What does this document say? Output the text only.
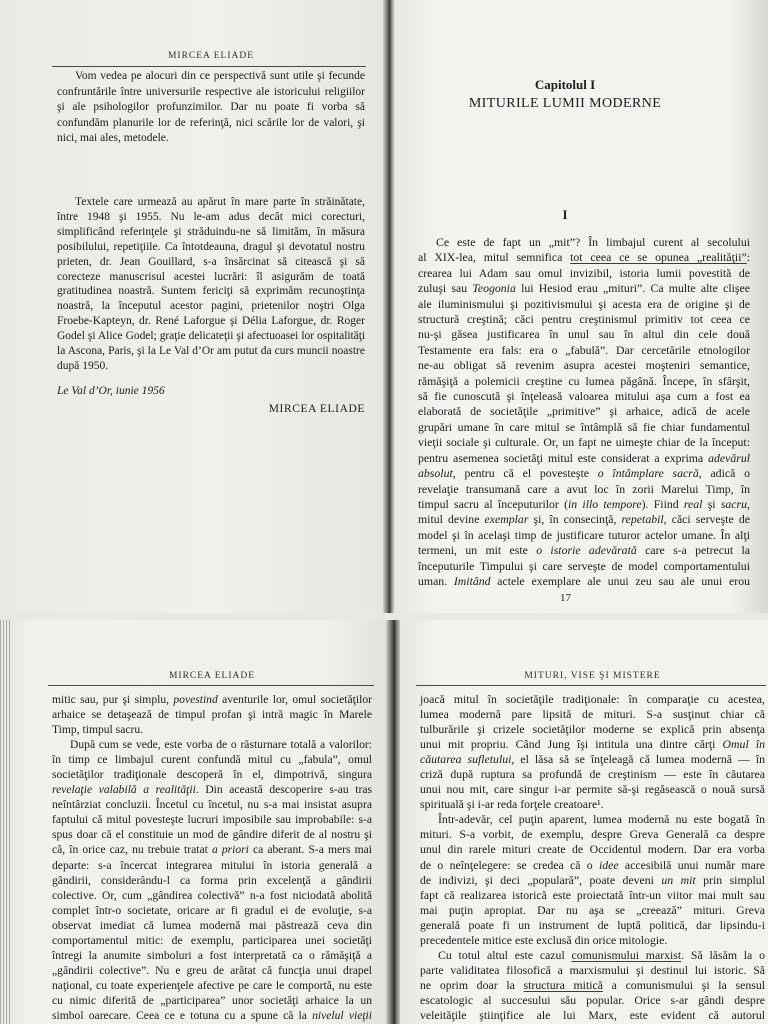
MIRCEA ELIADE
Vom vedea pe alocuri din ce perspectivă sunt utile şi fecunde
confruntările între universurile respective ale istoricului religiilor
şi ale psihologilor profunzimilor. Dar nu poate fi vorba să
confundăm planurile lor de referinţă, nici scările lor de valori, şi
nici, mai ales, metodele.
Textele care urmează au apărut în mare parte în străinătate,
între 1948 şi 1955. Nu le-am adus decât mici corecturi,
simplificând referinţele şi străduindu-ne să limităm, în măsura
posibilului, repetiţiile. Ca întotdeauna, dragul şi devotatul nostru
prieten, dr. Jean Gouillard, s-a însărcinat să citească şi să
corecteze manuscrisul acestei lucrări: îl asigurăm de toată
gratitudinea noastră. Suntem fericiţi să exprimăm recunoştinţa
noastră, la începutul acestor pagini, prietenilor noştri Olga
Froebe-Kapteyn, dr. René Laforgue şi Délia Laforgue, dr. Roger
Godel şi Alice Godel; graţie delicateţii şi afectuoasei lor ospitalităţi
la Ascona, Paris, şi la Le Val d’Or am putut da curs muncii noastre
după 1950.
Le Val d’Or, iunie 1956
MIRCEA ELIADE
Capitolul I
MITURILE LUMII MODERNE
I
Ce este de fapt un „mit”? În limbajul curent al secolului
al XIX-lea, mitul semnifica tot ceea ce se opunea „realităţii”:
crearea lui Adam sau omul invizibil, istoria lumii povestită de
zuluşi sau Teogonia lui Hesiod erau „mituri”. Ca multe alte clişee
ale iluminismului şi pozitivismului şi acesta era de origine şi de
structură creştină; căci pentru creştinismul primitiv tot ceea ce
nu-şi găsea justificarea în unul sau în altul din cele două
Testamente era fals: era o „fabulă”. Dar cercetările etnologilor
ne-au obligat să revenim asupra acestei moşteniri semantice,
rămăşiţă a polemicii creştine cu lumea păgână. Începe, în sfârşit,
să fie cunoscută şi înţeleasă valoarea mitului aşa cum a fost ea
elaborată de societăţile „primitive” şi arhaice, adică de acele
grupări umane în care mitul se întâmplă să fie chiar fundamentul
vieţii sociale şi culturale. Or, un fapt ne uimeşte chiar de la început:
pentru asemenea societăţi mitul este considerat a exprima adevărul
absolut, pentru că el povesteşte o întâmplare sacră, adică o
revelaţie transumană care a avut loc în zorii Marelui Timp, în
timpul sacru al începuturilor (in illo tempore). Fiind real şi sacru,
mitul devine exemplar şi, în consecinţă, repetabil, căci serveşte de
model şi în acelaşi timp de justificare tuturor actelor umane. În alţi
termeni, un mit este o istorie adevărată care s-a petrecut la
începuturile Timpului şi care serveşte de model comportamentului
uman. Imitând actele exemplare ale unui zeu sau ale unui erou
17
MIRCEA ELIADE
mitic sau, pur şi simplu, povestind aventurile lor, omul societăţilor
arhaice se detaşează de timpul profan şi intră magic în Marele
Timp, timpul sacru.
După cum se vede, este vorba de o răsturnare totală a valorilor:
în timp ce limbajul curent confundă mitul cu „fabula”, omul
societăţilor tradiţionale descoperă în el, dimpotrivă, singura
revelaţie valabilă a realităţii. Din această descoperire s-au tras
neîntârziat concluzii. Încetul cu încetul, nu s-a mai insistat asupra
faptului că mitul povesteşte lucruri imposibile sau improbabile: s-a
spus doar că el constituie un mod de gândire diferit de al nostru şi
că, în orice caz, nu trebuie tratat a priori ca aberant. S-a mers mai
departe: s-a încercat integrarea mitului în istoria generală a
gândirii, considerându-l ca forma prin excelenţă a gândirii
colective. Or, cum „gândirea colectivă” n-a fost niciodată abolită
complet într-o societate, oricare ar fi gradul ei de evoluţie, s-a
observat imediat că lumea modernă mai păstrează ceva din
comportamentul mitic: de exemplu, participarea unei societăţi
întregi la anumite simboluri a fost interpretată ca o rămăşiţă a
„gândirii colective”. Nu e greu de arătat că funcţia unui drapel
naţional, cu toate experienţele afective pe care le comportă, nu este
cu nimic diferită de „participarea” unor societăţi arhaice la un
simbol oarecare. Ceea ce e totuna cu a spune că la nivelul vieţii
MITURI, VISE ŞI MISTERE
joacă mitul în societăţile tradiţionale: în comparaţie cu acestea,
lumea modernă pare lipsită de mituri. S-a susţinut chiar că
tulburările şi crizele societăţilor moderne se explică prin absenţa
unui mit propriu. Când Jung îşi intitula una dintre cărţi Omul în
căutarea sufletului, el lăsa să se înţeleagă că lumea modernă — în
criză după ruptura sa profundă de creştinism — este în căutarea
unui nou mit, care singur i-ar permite să-şi regăsească o nouă sursă
spirituală şi i-ar reda forţele creatoare¹.
Într-adevăr, cel puţin aparent, lumea modernă nu este bogată în
mituri. S-a vorbit, de exemplu, despre Greva Generală ca despre
unul din rarele mituri create de Occidentul modern. Dar era vorba
de o neînţelegere: se credea că o idee accesibilă unui număr mare
de indivizi, şi deci „populară”, poate deveni un mit prin simplul
fapt că realizarea istorică este proiectată într-un viitor mai mult sau
mai puţin apropiat. Dar nu aşa se „creează” mituri. Greva
generală poate fi un instrument de luptă politică, dar lipsindu-i
precedentele mitice este exclusă din orice mitologie.
Cu totul altul este cazul comunismului marxist. Să lăsăm la o
parte validitatea filosofică a marxismului şi destinul lui istoric. Să
ne oprim doar la structura mitică a comunismului şi la sensul
escatologic al succesului său popular. Orice s-ar gândi despre
veleităţile ştiinţifice ale lui Marx, este evident că autorul
